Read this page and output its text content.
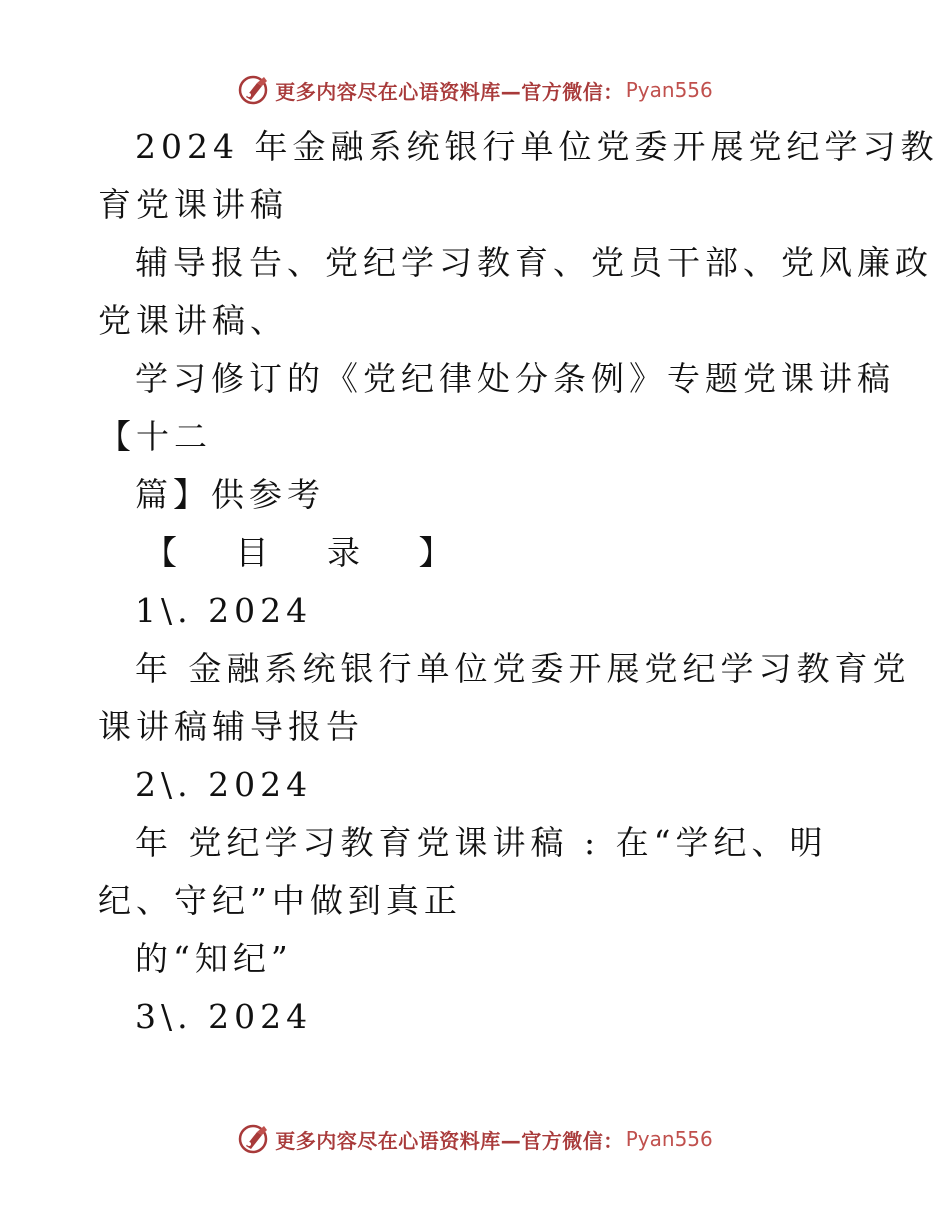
更多内容尽在心语资料库—官方微信： Pyan556
2024 年金融系统银行单位党委开展党纪学习教
育党课讲稿
辅导报告、党纪学习教育、党员干部、党风廉政
党课讲稿、
学习修订的《党纪律处分条例》专题党课讲稿
【十二
篇】供参考
【 目 录 】
1\. 2024
年 金融系统银行单位党委开展党纪学习教育党
课讲稿辅导报告
2\. 2024
年 党纪学习教育党课讲稿 : 在“学纪、明
纪、守纪”中做到真正
的“知纪”
3\. 2024
更多内容尽在心语资料库—官方微信： Pyan556
